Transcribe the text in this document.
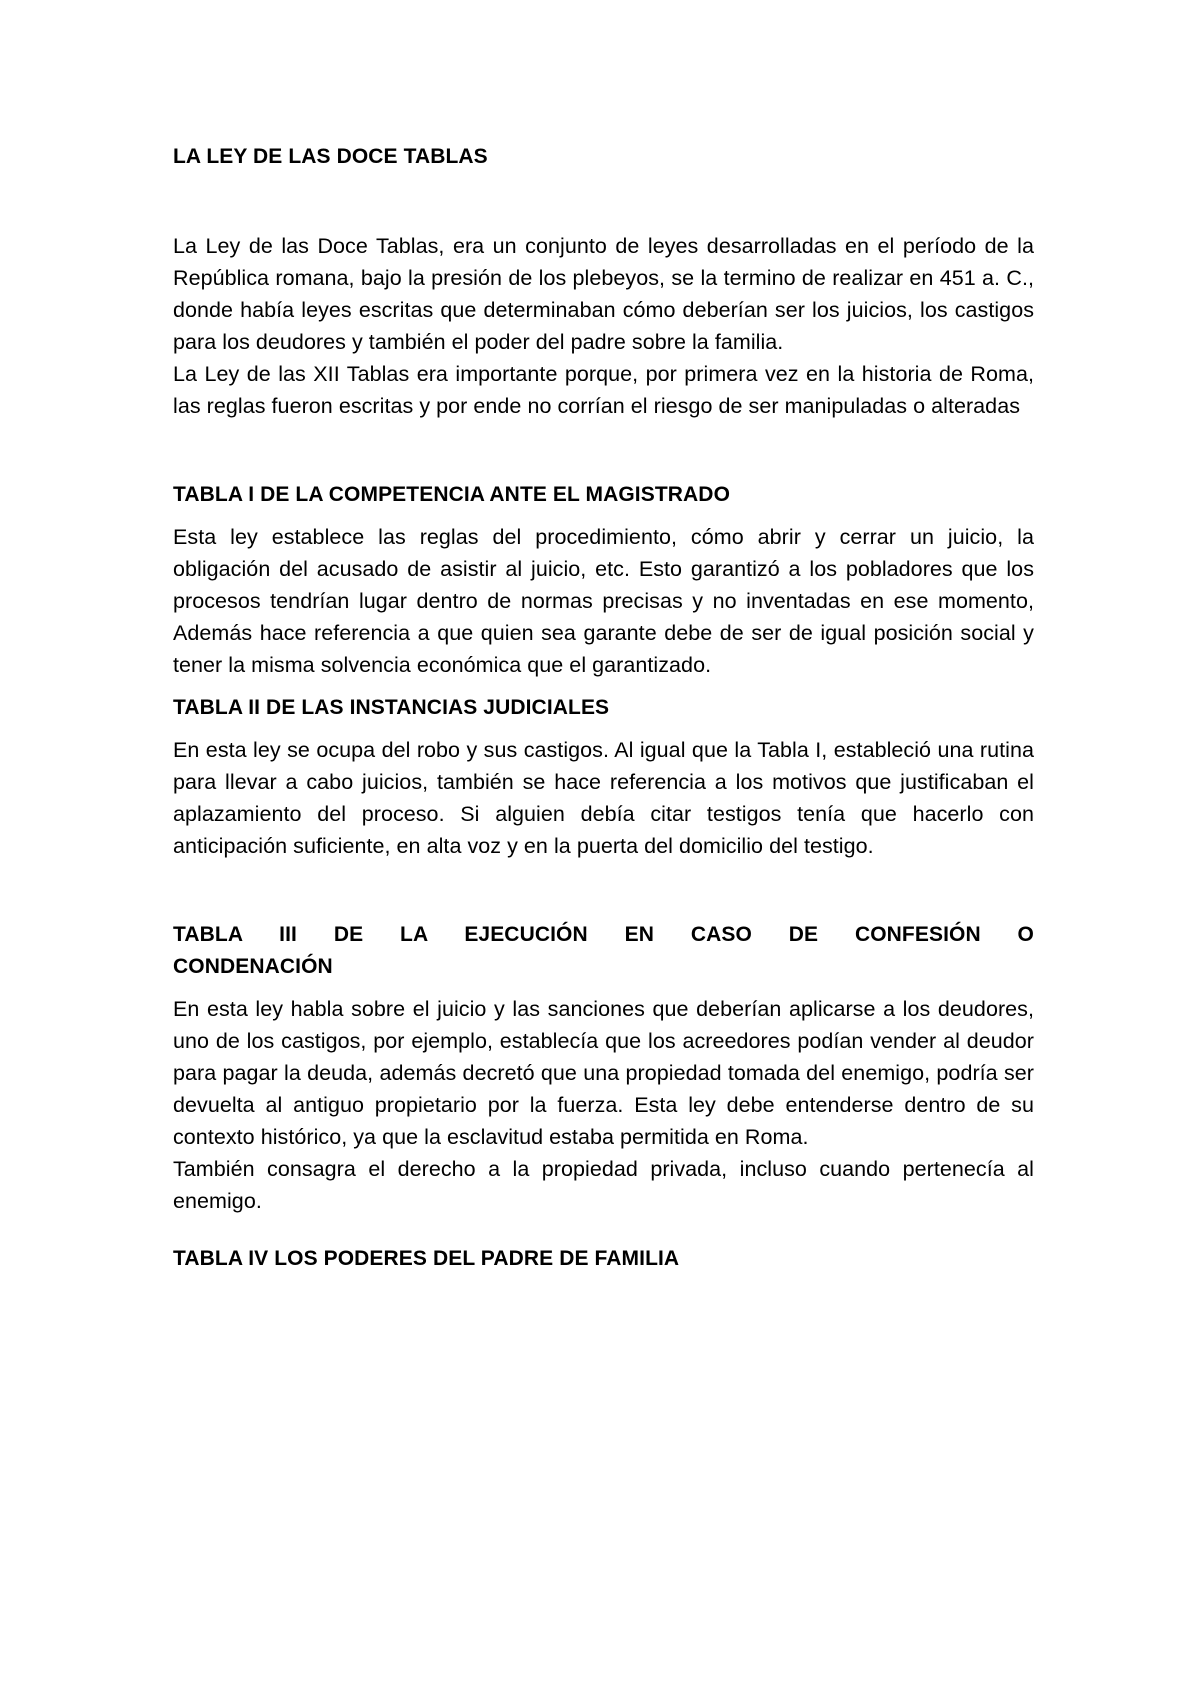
LA LEY DE LAS DOCE TABLAS

La Ley de las Doce Tablas, era un conjunto de leyes desarrolladas en el período de la República romana, bajo la presión de los plebeyos, se la termino de realizar en 451 a. C., donde había leyes escritas que determinaban cómo deberían ser los juicios, los castigos para los deudores y también el poder del padre sobre la familia.

La Ley de las XII Tablas era importante porque, por primera vez en la historia de Roma, las reglas fueron escritas y por ende no corrían el riesgo de ser manipuladas o alteradas

TABLA I DE LA COMPETENCIA ANTE EL MAGISTRADO

Esta ley establece las reglas del procedimiento, cómo abrir y cerrar un juicio, la obligación del acusado de asistir al juicio, etc. Esto garantizó a los pobladores que los procesos tendrían lugar dentro de normas precisas y no inventadas en ese momento, Además hace referencia a que quien sea garante debe de ser de igual posición social y tener la misma solvencia económica que el garantizado.

TABLA II DE LAS INSTANCIAS JUDICIALES

En esta ley se ocupa del robo y sus castigos. Al igual que la Tabla I, estableció una rutina para llevar a cabo juicios, también se hace referencia a los motivos que justificaban el aplazamiento del proceso. Si alguien debía citar testigos tenía que hacerlo con anticipación suficiente, en alta voz y en la puerta del domicilio del testigo.

TABLA III DE LA EJECUCIÓN EN CASO DE CONFESIÓN O
CONDENACIÓN

En esta ley habla sobre el juicio y las sanciones que deberían aplicarse a los deudores, uno de los castigos, por ejemplo, establecía que los acreedores podían vender al deudor para pagar la deuda, además decretó que una propiedad tomada del enemigo, podría ser devuelta al antiguo propietario por la fuerza. Esta ley debe entenderse dentro de su contexto histórico, ya que la esclavitud estaba permitida en Roma.

También consagra el derecho a la propiedad privada, incluso cuando pertenecía al enemigo.

TABLA IV LOS PODERES DEL PADRE DE FAMILIA
